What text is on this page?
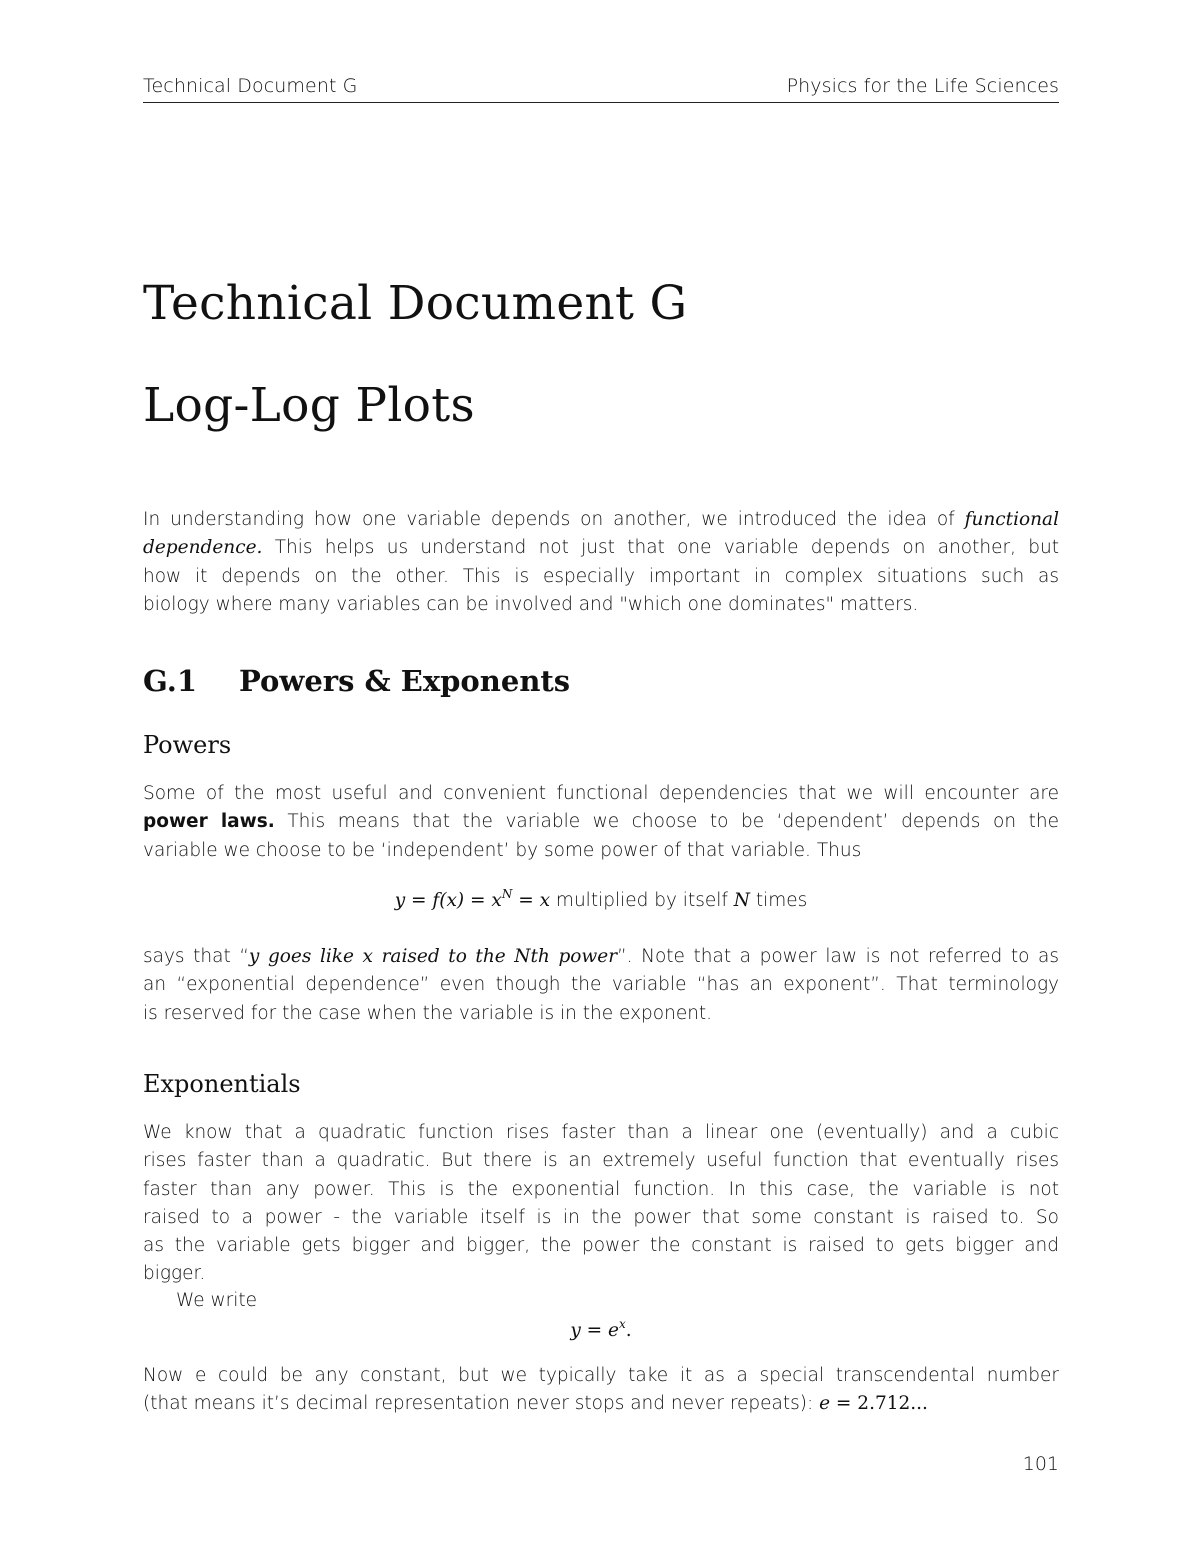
Technical Document G	Physics for the Life Sciences
Technical Document G
Log-Log Plots
In understanding how one variable depends on another, we introduced the idea of functional
dependence. This helps us understand not just that one variable depends on another, but
how it depends on the other. This is especially important in complex situations such as
biology where many variables can be involved and "which one dominates" matters.
G.1 Powers & Exponents
Powers
Some of the most useful and convenient functional dependencies that we will encounter are
power laws. This means that the variable we choose to be ‘dependent’ depends on the
variable we choose to be ‘independent’ by some power of that variable. Thus
$y = f(x) = x^N = x$ multiplied by itself N times
says that “y goes like x raised to the Nth power”. Note that a power law is not referred to as
an “exponential dependence” even though the variable “has an exponent”. That terminology
is reserved for the case when the variable is in the exponent.
Exponentials
We know that a quadratic function rises faster than a linear one (eventually) and a cubic
rises faster than a quadratic. But there is an extremely useful function that eventually rises
faster than any power. This is the exponential function. In this case, the variable is not
raised to a power - the variable itself is in the power that some constant is raised to. So
as the variable gets bigger and bigger, the power the constant is raised to gets bigger and
bigger.
We write
$y = e^x$.
Now e could be any constant, but we typically take it as a special transcendental number
(that means it’s decimal representation never stops and never repeats): e = 2.712...
101
